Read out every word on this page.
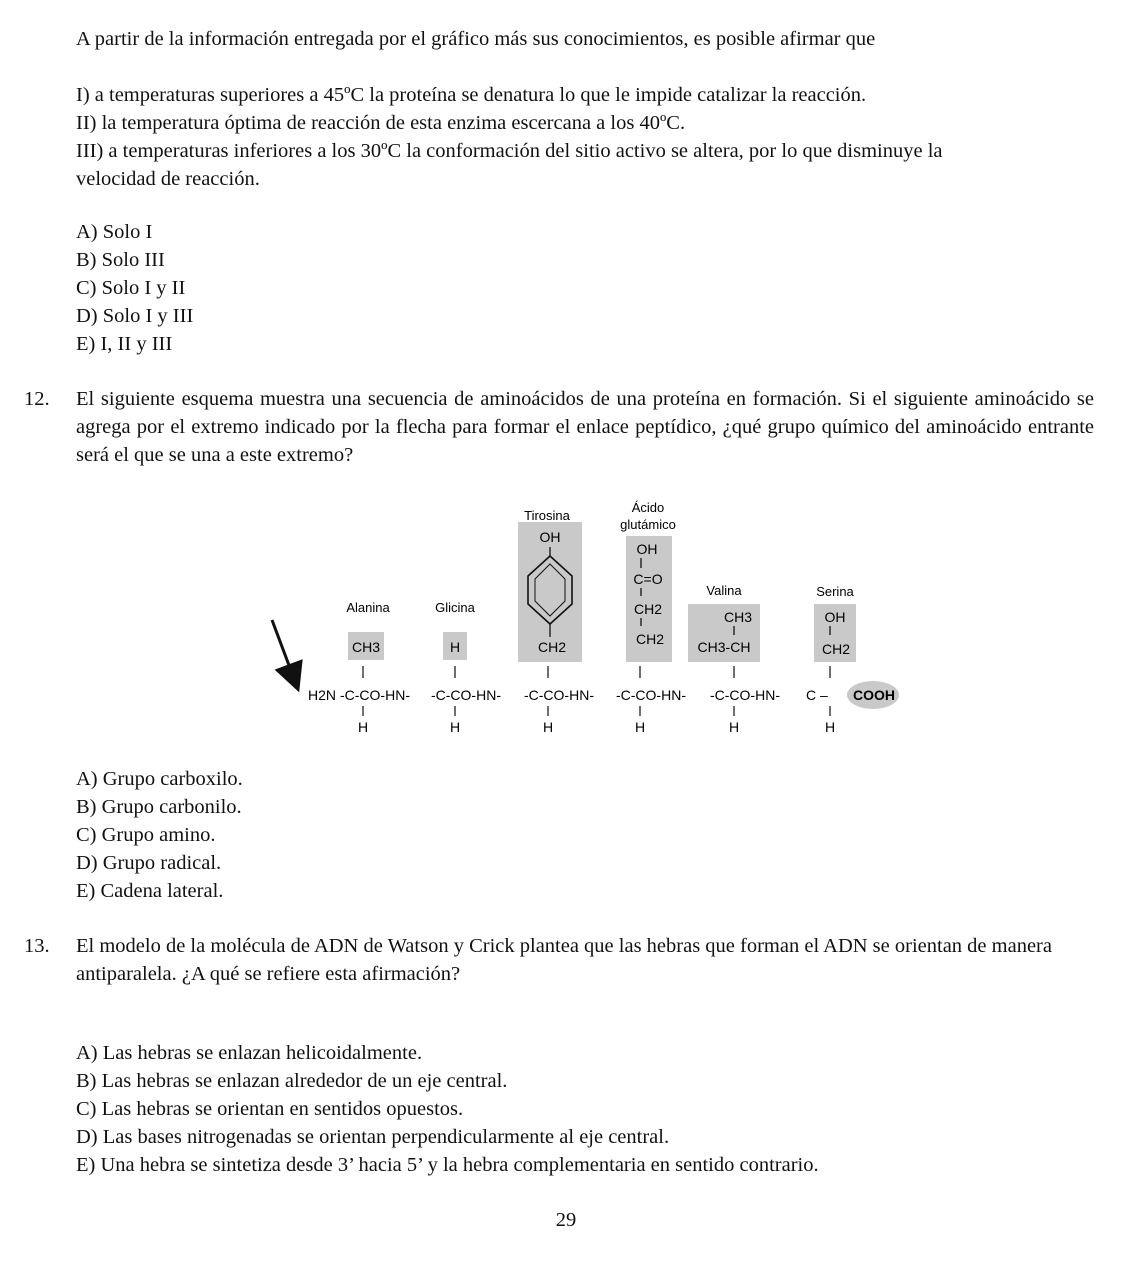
A partir de la información entregada por el gráfico más sus conocimientos, es posible afirmar que
I) a temperaturas superiores a 45ºC la proteína se denatura lo que le impide catalizar la reacción.
II) la temperatura óptima de reacción de esta enzima escercana a los 40ºC.
III) a temperaturas inferiores a los 30ºC la conformación del sitio activo se altera, por lo que disminuye la
velocidad de reacción.
A) Solo I
B) Solo III
C) Solo I y II
D) Solo I y III
E) I, II y III
12. El siguiente esquema muestra una secuencia de aminoácidos de una proteína en formación. Si el siguiente aminoácido se agrega por el extremo indicado por la flecha para formar el enlace peptídico, ¿qué grupo químico del aminoácido entrante será el que se una a este extremo?
Alanina	Glicina
Tirosina
Ácido
glutámico
Valina	Serina
CH3	H
OH
CH2
OH
C=O
CH2
CH2
CH3
CH3-CH
OH
CH2
H2N -C-CO-HN- -C-CO-HN- -C-CO-HN- -C-CO-HN- -C-CO-HN- C – COOH
H	H	H	H	H	H
A) Grupo carboxilo.
B) Grupo carbonilo.
C) Grupo amino.
D) Grupo radical.
E) Cadena lateral.
13. El modelo de la molécula de ADN de Watson y Crick plantea que las hebras que forman el ADN se orientan de manera antiparalela. ¿A qué se refiere esta afirmación?
A) Las hebras se enlazan helicoidalmente.
B) Las hebras se enlazan alrededor de un eje central.
C) Las hebras se orientan en sentidos opuestos.
D) Las bases nitrogenadas se orientan perpendicularmente al eje central.
E) Una hebra se sintetiza desde 3’ hacia 5’ y la hebra complementaria en sentido contrario.
29
